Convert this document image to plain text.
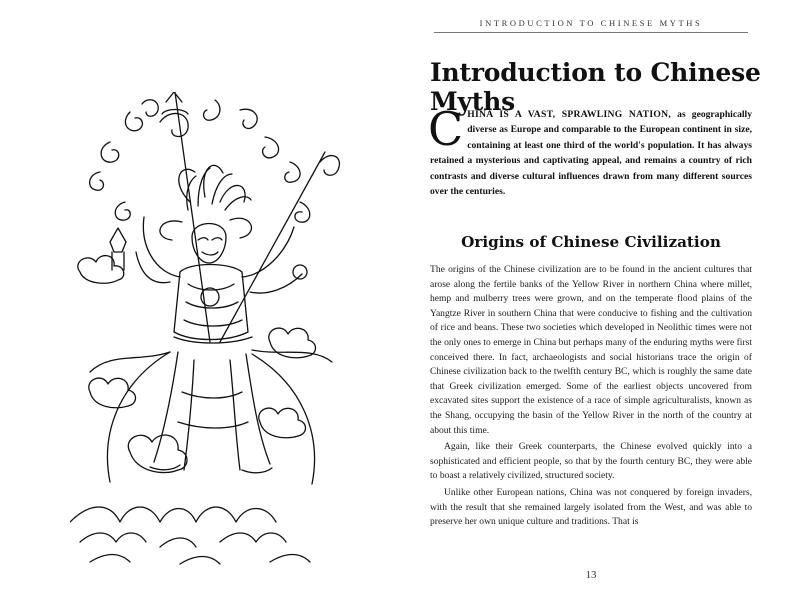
INTRODUCTION TO CHINESE MYTHS
Introduction to Chinese Myths
CHINA IS A VAST, SPRAWLING NATION, as geographically diverse as Europe and comparable to the European continent in size, containing at least one third of the world's population. It has always retained a mysterious and captivating appeal, and remains a country of rich contrasts and diverse cultural influences drawn from many different sources over the centuries.
Origins of Chinese Civilization

The origins of the Chinese civilization are to be found in the ancient cultures that arose along the fertile banks of the Yellow River in northern China where millet, hemp and mulberry trees were grown, and on the temperate flood plains of the Yangtze River in southern China that were conducive to fishing and the cultivation of rice and beans. These two societies which developed in Neolithic times were not the only ones to emerge in China but perhaps many of the enduring myths were first conceived there. In fact, archaeologists and social historians trace the origin of Chinese civilization back to the twelfth century BC, which is roughly the same date that Greek civilization emerged. Some of the earliest objects uncovered from excavated sites support the existence of a race of simple agriculturalists, known as the Shang, occupying the basin of the Yellow River in the north of the country at about this time.

Again, like their Greek counterparts, the Chinese evolved quickly into a sophisticated and efficient people, so that by the fourth century BC, they were able to boast a relatively civilized, structured society.

Unlike other European nations, China was not conquered by foreign invaders, with the result that she remained largely isolated from the West, and was able to preserve her own unique culture and traditions. That is

13
